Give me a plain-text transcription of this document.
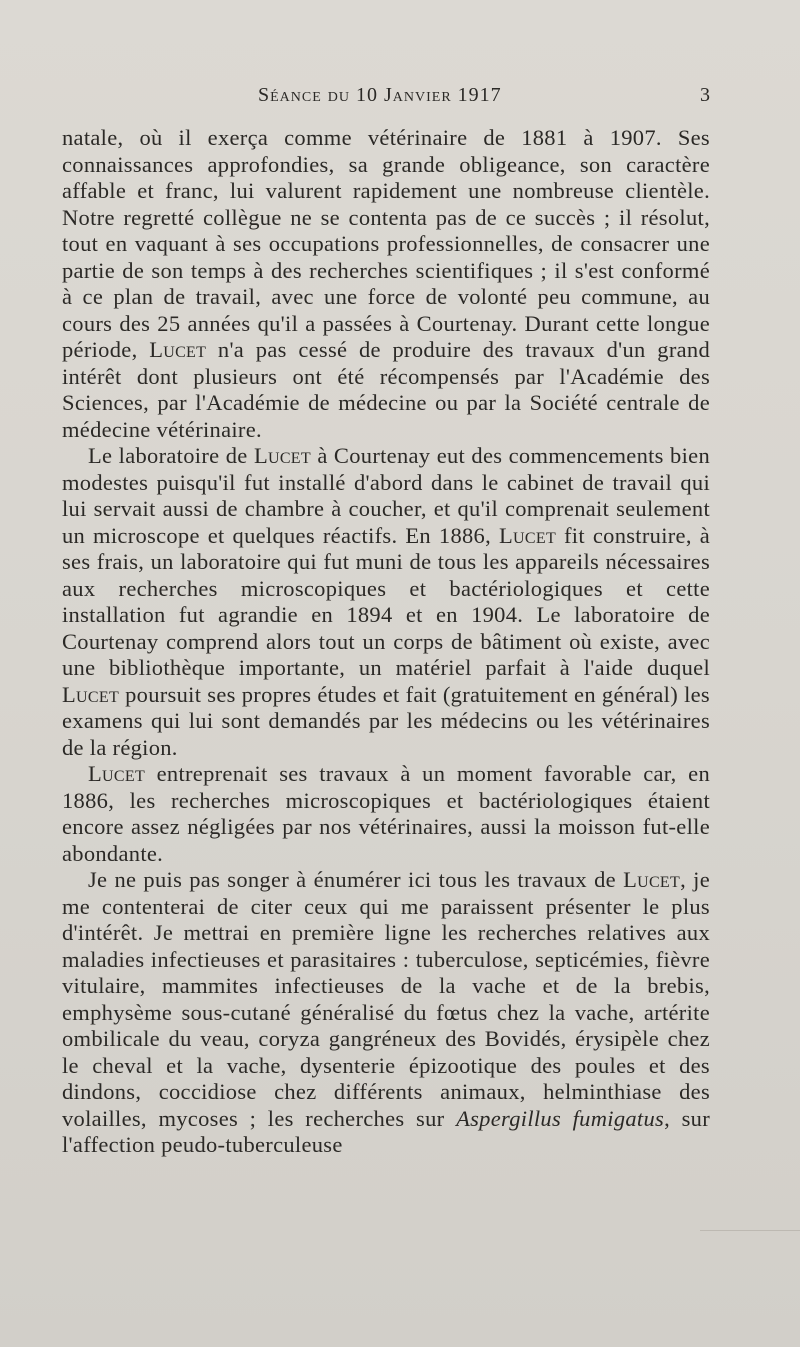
Séance du 10 Janvier 1917	3

natale, où il exerça comme vétérinaire de 1881 à 1907. Ses connaissances approfondies, sa grande obligeance, son caractère affable et franc, lui valurent rapidement une nombreuse clientèle. Notre regretté collègue ne se contenta pas de ce succès ; il résolut, tout en vaquant à ses occupations professionnelles, de consacrer une partie de son temps à des recherches scientifiques ; il s'est conformé à ce plan de travail, avec une force de volonté peu commune, au cours des 25 années qu'il a passées à Courtenay. Durant cette longue période, Lucet n'a pas cessé de produire des travaux d'un grand intérêt dont plusieurs ont été récompensés par l'Académie des Sciences, par l'Académie de médecine ou par la Société centrale de médecine vétérinaire.

Le laboratoire de Lucet à Courtenay eut des commencements bien modestes puisqu'il fut installé d'abord dans le cabinet de travail qui lui servait aussi de chambre à coucher, et qu'il comprenait seulement un microscope et quelques réactifs. En 1886, Lucet fit construire, à ses frais, un laboratoire qui fut muni de tous les appareils nécessaires aux recherches microscopiques et bactériologiques et cette installation fut agrandie en 1894 et en 1904. Le laboratoire de Courtenay comprend alors tout un corps de bâtiment où existe, avec une bibliothèque importante, un matériel parfait à l'aide duquel Lucet poursuit ses propres études et fait (gratuitement en général) les examens qui lui sont demandés par les médecins ou les vétérinaires de la région.

Lucet entreprenait ses travaux à un moment favorable car, en 1886, les recherches microscopiques et bactériologiques étaient encore assez négligées par nos vétérinaires, aussi la moisson fut-elle abondante.

Je ne puis pas songer à énumérer ici tous les travaux de Lucet, je me contenterai de citer ceux qui me paraissent présenter le plus d'intérêt. Je mettrai en première ligne les recherches relatives aux maladies infectieuses et parasitaires : tuberculose, septicémies, fièvre vitulaire, mammites infectieuses de la vache et de la brebis, emphysème sous-cutané généralisé du fœtus chez la vache, artérite ombilicale du veau, coryza gangréneux des Bovidés, érysipèle chez le cheval et la vache, dysenterie épizootique des poules et des dindons, coccidiose chez différents animaux, helminthiase des volailles, mycoses ; les recherches sur Aspergillus fumigatus, sur l'affection peudo-tuberculeuse
